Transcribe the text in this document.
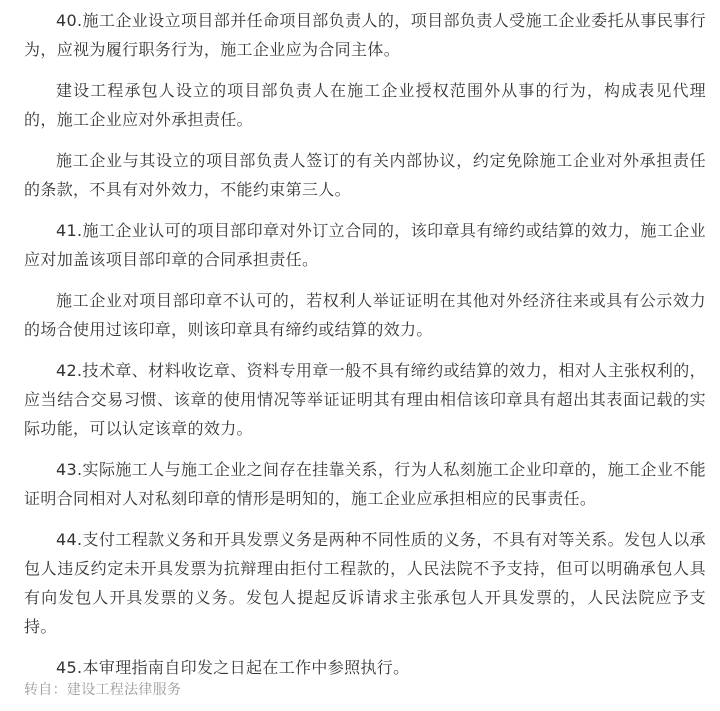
40.施工企业设立项目部并任命项目部负责人的，项目部负责人受施工企业委托从事民事行为，应视为履行职务行为，施工企业应为合同主体。

建设工程承包人设立的项目部负责人在施工企业授权范围外从事的行为，构成表见代理的，施工企业应对外承担责任。

施工企业与其设立的项目部负责人签订的有关内部协议，约定免除施工企业对外承担责任的条款，不具有对外效力，不能约束第三人。

41.施工企业认可的项目部印章对外订立合同的，该印章具有缔约或结算的效力，施工企业应对加盖该项目部印章的合同承担责任。

施工企业对项目部印章不认可的，若权利人举证证明在其他对外经济往来或具有公示效力的场合使用过该印章，则该印章具有缔约或结算的效力。

42.技术章、材料收讫章、资料专用章一般不具有缔约或结算的效力，相对人主张权利的，应当结合交易习惯、该章的使用情况等举证证明其有理由相信该印章具有超出其表面记载的实际功能，可以认定该章的效力。

43.实际施工人与施工企业之间存在挂靠关系，行为人私刻施工企业印章的，施工企业不能证明合同相对人对私刻印章的情形是明知的，施工企业应承担相应的民事责任。

44.支付工程款义务和开具发票义务是两种不同性质的义务，不具有对等关系。发包人以承包人违反约定未开具发票为抗辩理由拒付工程款的，人民法院不予支持，但可以明确承包人具有向发包人开具发票的义务。发包人提起反诉请求主张承包人开具发票的，人民法院应予支持。

45.本审理指南自印发之日起在工作中参照执行。

转自：建设工程法律服务
